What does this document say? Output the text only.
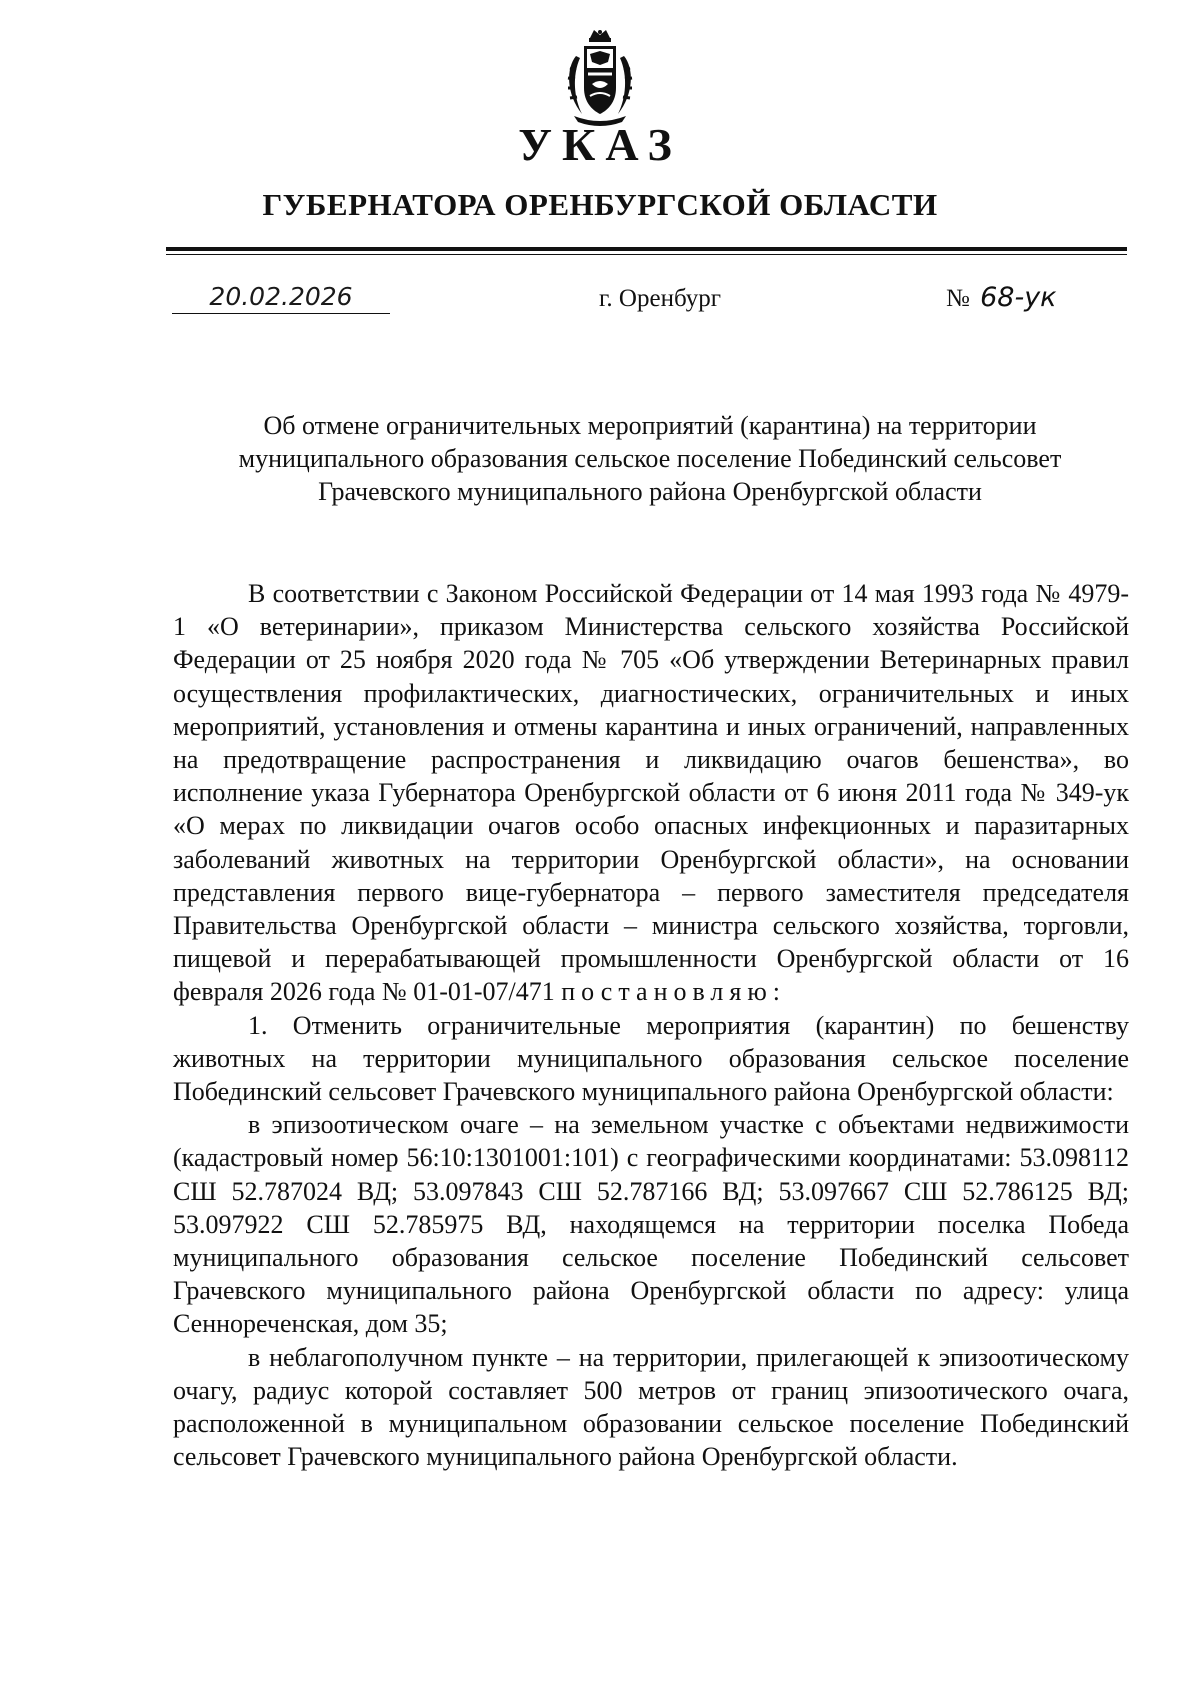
УКАЗ
ГУБЕРНАТОРА ОРЕНБУРГСКОЙ ОБЛАСТИ
20.02.2026	г. Оренбург	№ 68-ук
Об отмене ограничительных мероприятий (карантина) на территории
муниципального образования сельское поселение Побединский сельсовет
Грачевского муниципального района Оренбургской области

В соответствии с Законом Российской Федерации от 14 мая 1993 года № 4979-1 «О ветеринарии», приказом Министерства сельского хозяйства Российской Федерации от 25 ноября 2020 года № 705 «Об утверждении Ветеринарных правил осуществления профилактических, диагностических, ограничительных и иных мероприятий, установления и отмены карантина и иных ограничений, направленных на предотвращение распространения и ликвидацию очагов бешенства», во исполнение указа Губернатора Оренбургской области от 6 июня 2011 года № 349-ук «О мерах по ликвидации очагов особо опасных инфекционных и паразитарных заболеваний животных на территории Оренбургской области», на основании представления первого вице-губернатора – первого заместителя председателя Правительства Оренбургской области – министра сельского хозяйства, торговли, пищевой и перерабатывающей промышленности Оренбургской области от 16 февраля 2026 года № 01-01-07/471 постановляю:

1. Отменить ограничительные мероприятия (карантин) по бешенству животных на территории муниципального образования сельское поселение Побединский сельсовет Грачевского муниципального района Оренбургской области:

в эпизоотическом очаге – на земельном участке с объектами недвижимости (кадастровый номер 56:10:1301001:101) с географическими координатами: 53.098112 СШ 52.787024 ВД; 53.097843 СШ 52.787166 ВД; 53.097667 СШ 52.786125 ВД; 53.097922 СШ 52.785975 ВД, находящемся на территории поселка Победа муниципального образования сельское поселение Побединский сельсовет Грачевского муниципального района Оренбургской области по адресу: улица Сеннореченская, дом 35;

в неблагополучном пункте – на территории, прилегающей к эпизоотическому очагу, радиус которой составляет 500 метров от границ эпизоотического очага, расположенной в муниципальном образовании сельское поселение Побединский сельсовет Грачевского муниципального района Оренбургской области.
